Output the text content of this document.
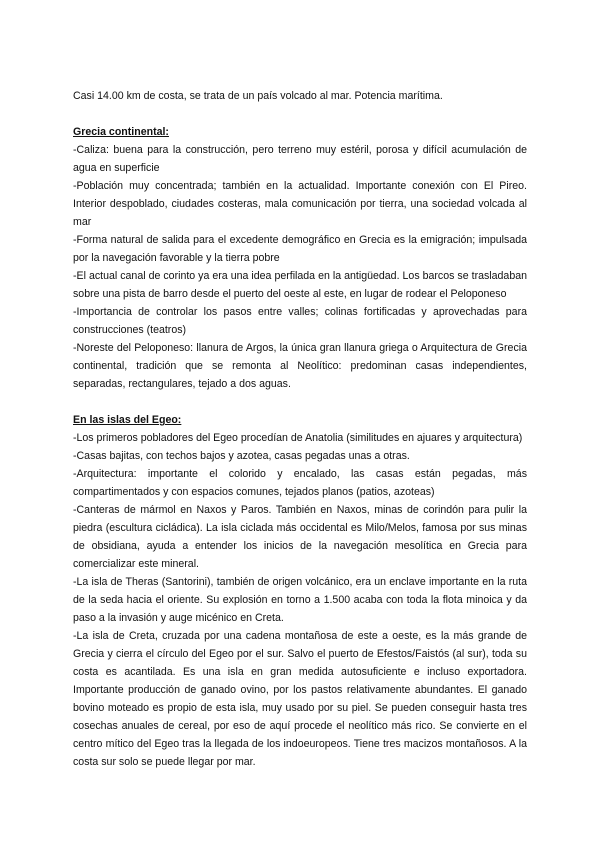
Casi 14.00 km de costa, se trata de un país volcado al mar. Potencia marítima.

Grecia continental:

-Caliza: buena para la construcción, pero terreno muy estéril, porosa y difícil acumulación de agua en superficie

-Población muy concentrada; también en la actualidad. Importante conexión con El Pireo. Interior despoblado, ciudades costeras, mala comunicación por tierra, una sociedad volcada al mar

-Forma natural de salida para el excedente demográfico en Grecia es la emigración; impulsada por la navegación favorable y la tierra pobre

-El actual canal de corinto ya era una idea perfilada en la antigüedad. Los barcos se trasladaban sobre una pista de barro desde el puerto del oeste al este, en lugar de rodear el Peloponeso

-Importancia de controlar los pasos entre valles; colinas fortificadas y aprovechadas para construcciones (teatros)

-Noreste del Peloponeso: llanura de Argos, la única gran llanura griega o Arquitectura de Grecia continental, tradición que se remonta al Neolítico: predominan casas independientes, separadas, rectangulares, tejado a dos aguas.

En las islas del Egeo:

-Los primeros pobladores del Egeo procedían de Anatolia (similitudes en ajuares y arquitectura)

-Casas bajitas, con techos bajos y azotea, casas pegadas unas a otras.

-Arquitectura: importante el colorido y encalado, las casas están pegadas, más compartimentados y con espacios comunes, tejados planos (patios, azoteas)

-Canteras de mármol en Naxos y Paros. También en Naxos, minas de corindón para pulir la piedra (escultura cicládica). La isla ciclada más occidental es Milo/Melos, famosa por sus minas de obsidiana, ayuda a entender los inicios de la navegación mesolítica en Grecia para comercializar este mineral.

-La isla de Theras (Santorini), también de origen volcánico, era un enclave importante en la ruta de la seda hacia el oriente. Su explosión en torno a 1.500 acaba con toda la flota minoica y da paso a la invasión y auge micénico en Creta.

-La isla de Creta, cruzada por una cadena montañosa de este a oeste, es la más grande de Grecia y cierra el círculo del Egeo por el sur. Salvo el puerto de Efestos/Faistós (al sur), toda su costa es acantilada. Es una isla en gran medida autosuficiente e incluso exportadora. Importante producción de ganado ovino, por los pastos relativamente abundantes. El ganado bovino moteado es propio de esta isla, muy usado por su piel. Se pueden conseguir hasta tres cosechas anuales de cereal, por eso de aquí procede el neolítico más rico. Se convierte en el centro mítico del Egeo tras la llegada de los indoeuropeos. Tiene tres macizos montañosos. A la costa sur solo se puede llegar por mar.
